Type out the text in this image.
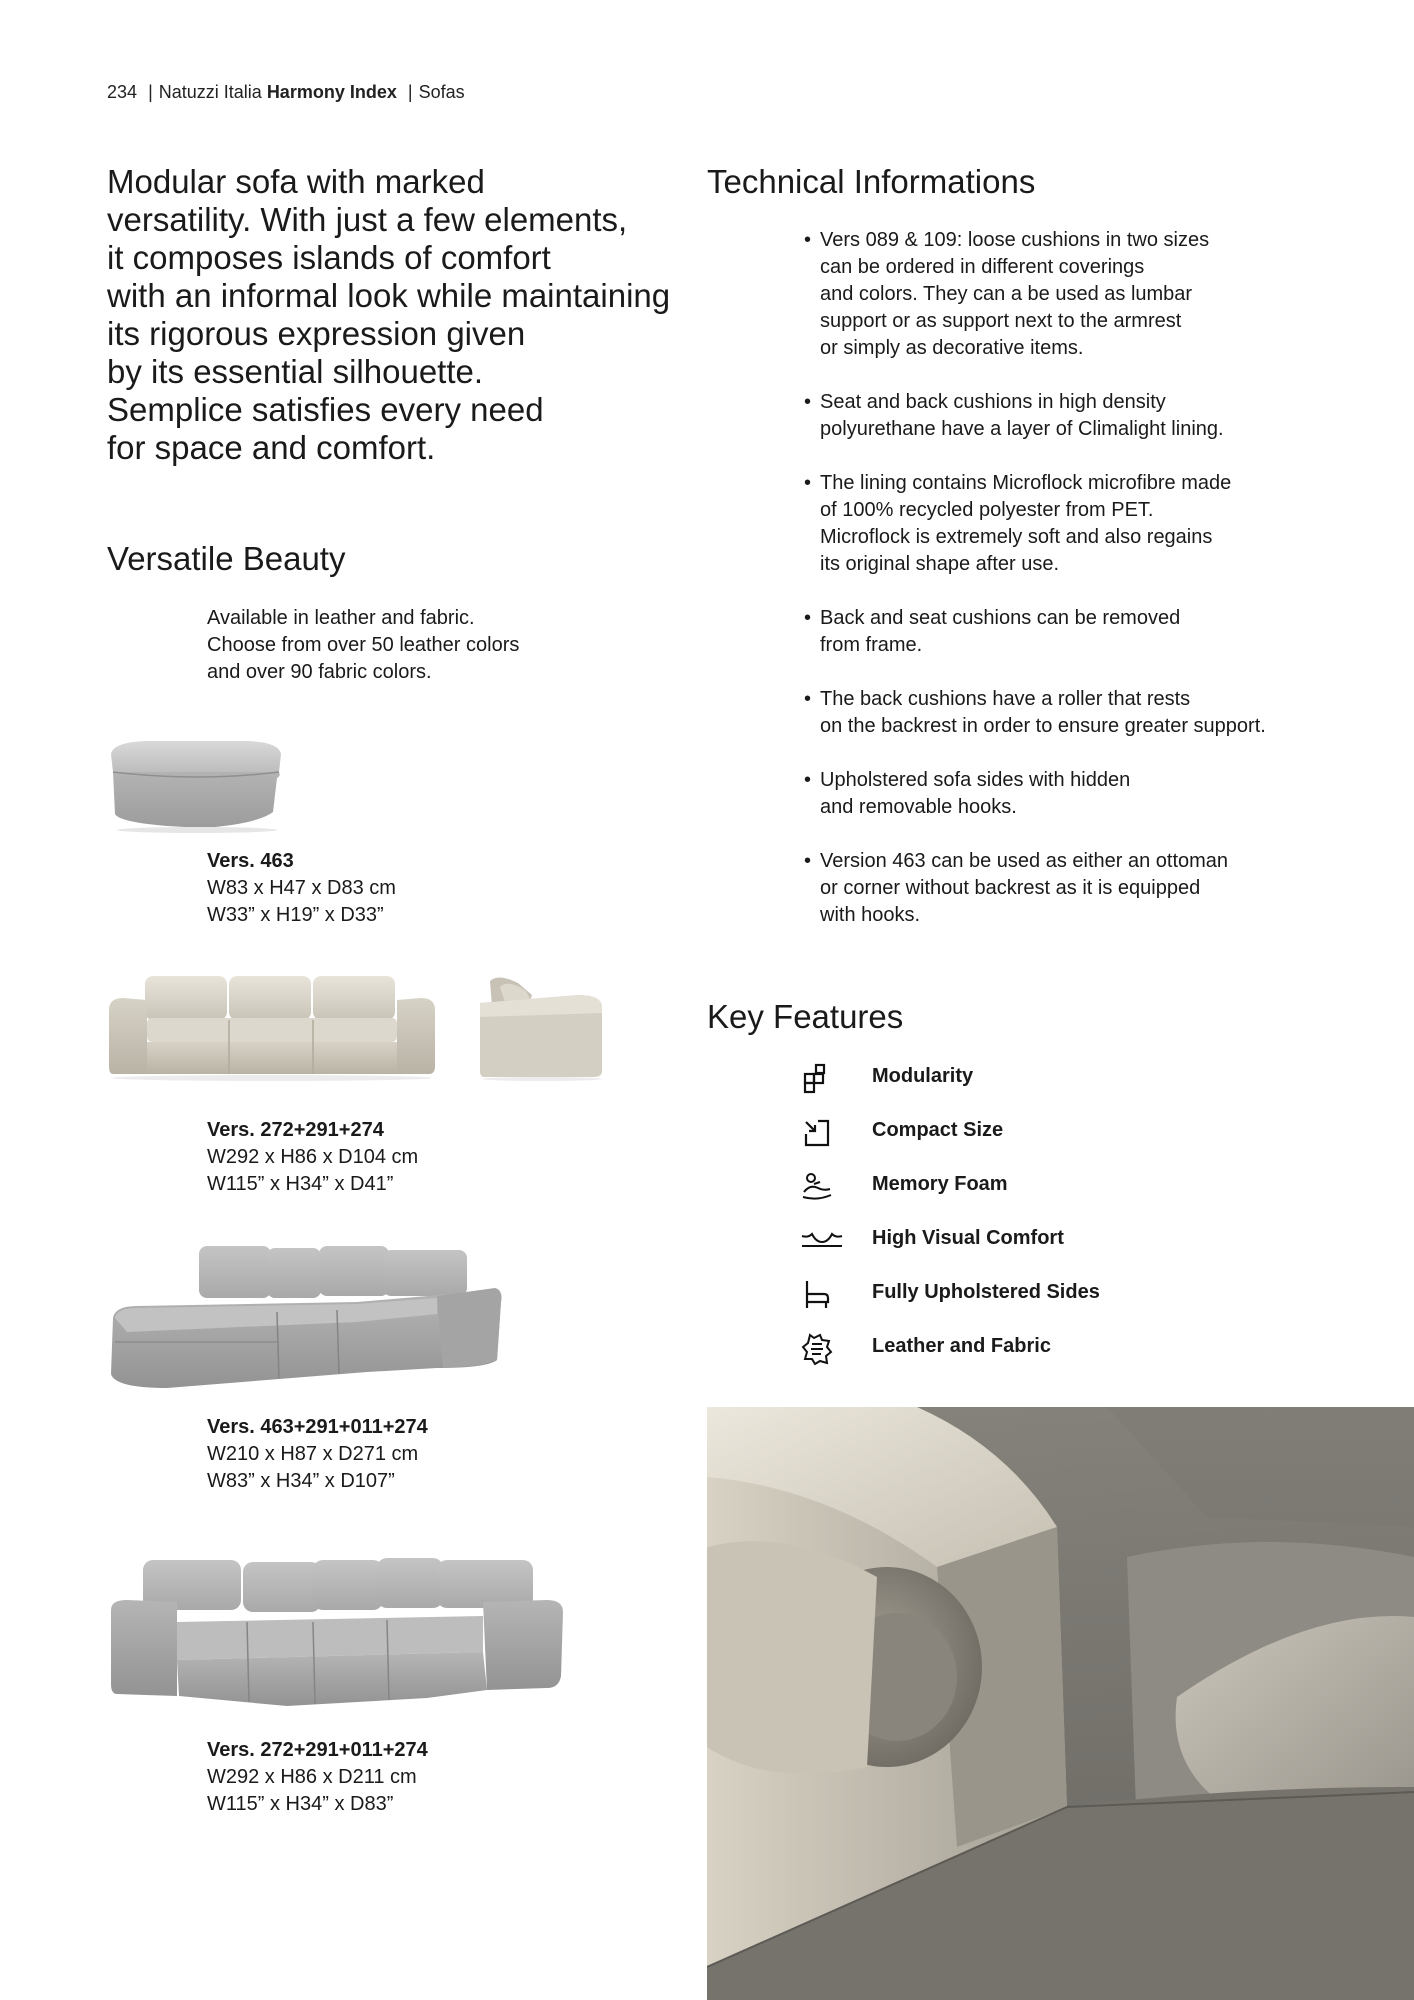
234 | Natuzzi Italia Harmony Index | Sofas
Modular sofa with marked
versatility. With just a few elements,
it composes islands of comfort
with an informal look while maintaining
its rigorous expression given
by its essential silhouette.
Semplice satisfies every need
for space and comfort.
Versatile Beauty
Available in leather and fabric.
Choose from over 50 leather colors
and over 90 fabric colors.
Vers. 463
W83 x H47 x D83 cm
W33” x H19” x D33”
Vers. 272+291+274
W292 x H86 x D104 cm
W115” x H34” x D41”
Vers. 463+291+011+274
W210 x H87 x D271 cm
W83” x H34” x D107”
Vers. 272+291+011+274
W292 x H86 x D211 cm
W115” x H34” x D83”
Technical Informations
• Vers 089 & 109: loose cushions in two sizes
can be ordered in different coverings
and colors. They can a be used as lumbar
support or as support next to the armrest
or simply as decorative items.
• Seat and back cushions in high density
polyurethane have a layer of Climalight lining.
• The lining contains Microflock microfibre made
of 100% recycled polyester from PET.
Microflock is extremely soft and also regains
its original shape after use.
• Back and seat cushions can be removed
from frame.
• The back cushions have a roller that rests
on the backrest in order to ensure greater support.
• Upholstered sofa sides with hidden
and removable hooks.
• Version 463 can be used as either an ottoman
or corner without backrest as it is equipped
with hooks.
Key Features
Modularity
Compact Size
Memory Foam
High Visual Comfort
Fully Upholstered Sides
Leather and Fabric
